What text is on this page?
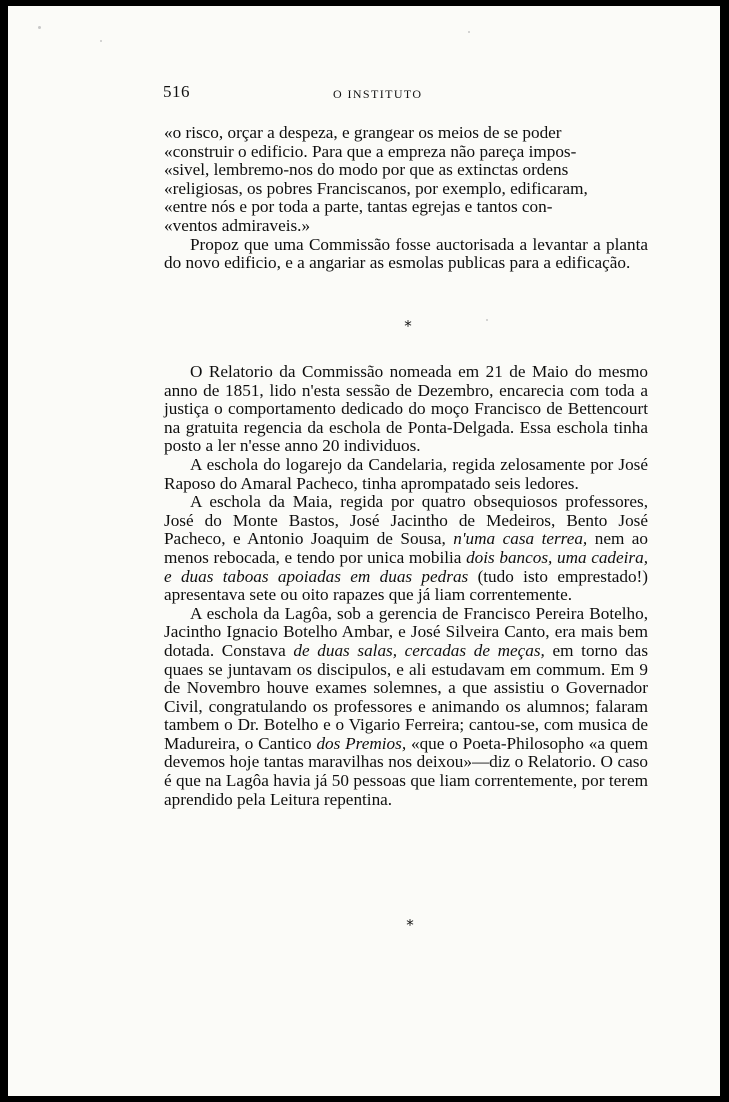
516	O INSTITUTO

«o risco, orçar a despeza, e grangear os meios de se poder

«construir o edificio. Para que a empreza não pareça impos-

«sivel, lembremo-nos do modo por que as extinctas ordens

«religiosas, os pobres Franciscanos, por exemplo, edificaram,

«entre nós e por toda a parte, tantas egrejas e tantos con-

«ventos admiraveis.»

Propoz que uma Commissão fosse auctorisada a levantar a planta do novo edificio, e a angariar as esmolas publicas para a edificação.

*

O Relatorio da Commissão nomeada em 21 de Maio do mesmo anno de 1851, lido n'esta sessão de Dezembro, encarecia com toda a justiça o comportamento dedicado do moço Francisco de Bettencourt na gratuita regencia da eschola de Ponta-Delgada. Essa eschola tinha posto a ler n'esse anno 20 individuos.

A eschola do logarejo da Candelaria, regida zelosamente por José Raposo do Amaral Pacheco, tinha aprompatado seis ledores.

A eschola da Maia, regida por quatro obsequiosos professores, José do Monte Bastos, José Jacintho de Medeiros, Bento José Pacheco, e Antonio Joaquim de Sousa, n'uma casa terrea, nem ao menos rebocada, e tendo por unica mobilia dois bancos, uma cadeira, e duas taboas apoiadas em duas pedras (tudo isto emprestado!) apresentava sete ou oito rapazes que já liam correntemente.

A eschola da Lagôa, sob a gerencia de Francisco Pereira Botelho, Jacintho Ignacio Botelho Ambar, e José Silveira Canto, era mais bem dotada. Constava de duas salas, cercadas de meças, em torno das quaes se juntavam os discipulos, e ali estudavam em commum. Em 9 de Novembro houve exames solemnes, a que assistiu o Governador Civil, congratulando os professores e animando os alumnos; falaram tambem o Dr. Botelho e o Vigario Ferreira; cantou-se, com musica de Madureira, o Cantico dos Premios, «que o Poeta-Philosopho «a quem devemos hoje tantas maravilhas nos deixou»—diz o Relatorio. O caso é que na Lagôa havia já 50 pessoas que liam correntemente, por terem aprendido pela Leitura repentina.

*
